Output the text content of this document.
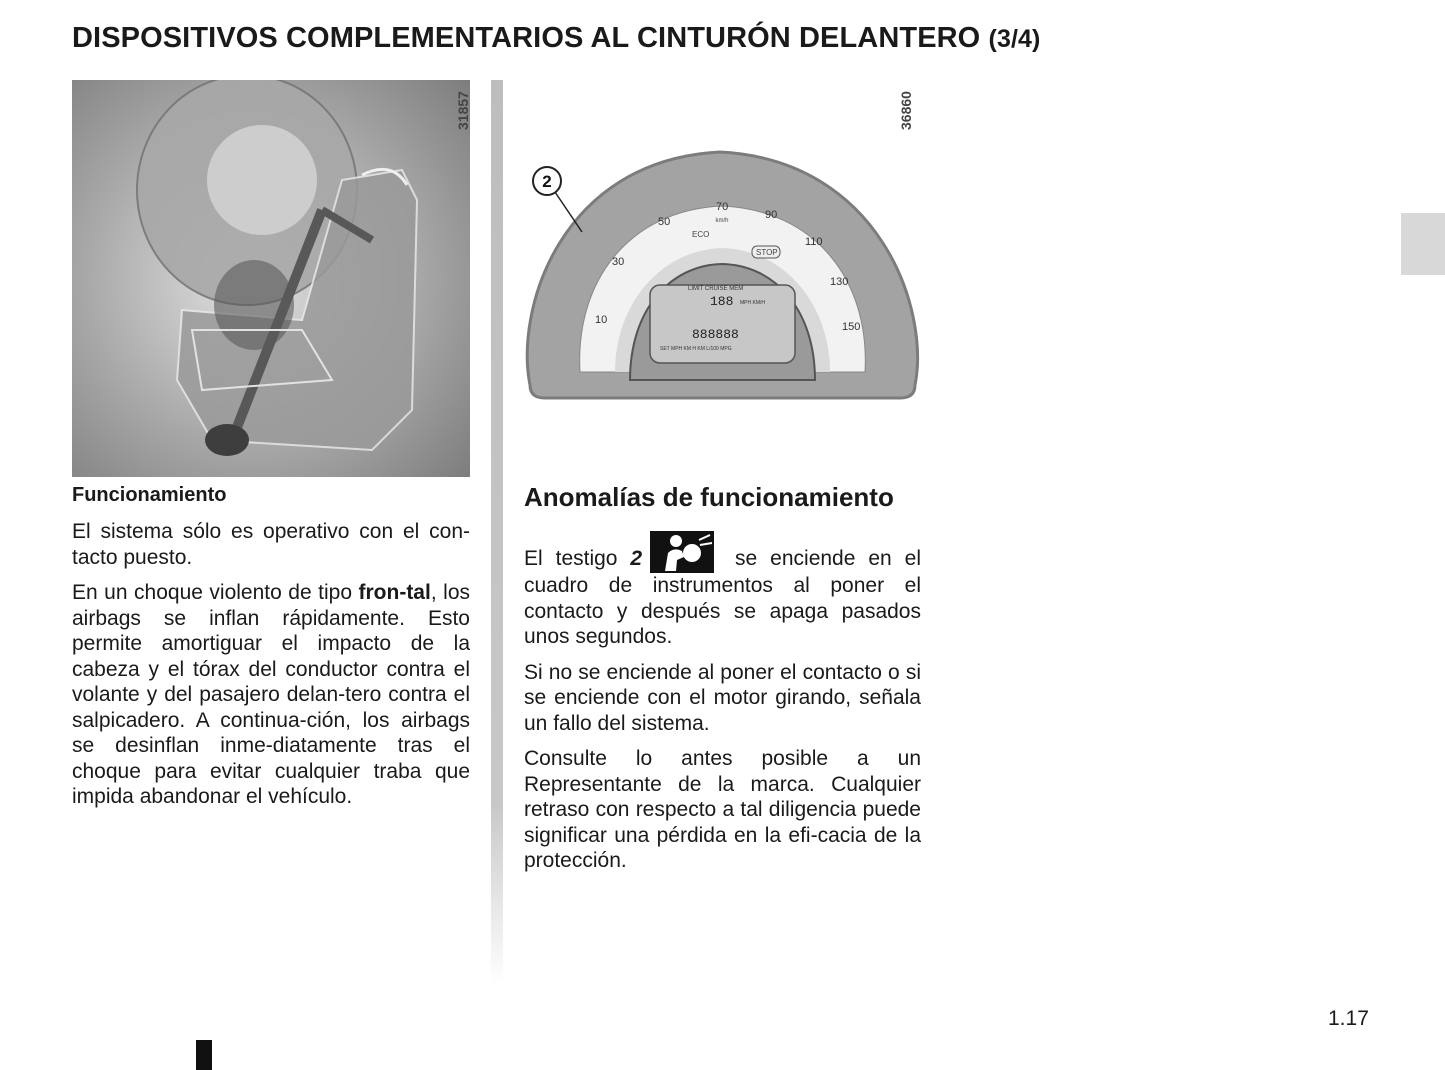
DISPOSITIVOS COMPLEMENTARIOS AL CINTURÓN DELANTERO (3/4)
31857
2
10
30
50
70
90
110
130
150
km/h
ECO
STOP
LIMIT CRUISE MEM
188 MPH KM/H
888888
SET MPH KM H KM L/100 MPG
36860
Funcionamiento

El sistema sólo es operativo con el con-tacto puesto.

En un choque violento de tipo fron-tal, los airbags se inflan rápidamente. Esto permite amortiguar el impacto de la cabeza y el tórax del conductor contra el volante y del pasajero delan-tero contra el salpicadero. A continua-ción, los airbags se desinflan inme-diatamente tras el choque para evitar cualquier traba que impida abandonar el vehículo.

Anomalías de funcionamiento

El testigo 2	se enciende en el cuadro de instrumentos al poner el contacto y después se apaga pasados unos segundos.

Si no se enciende al poner el contacto o si se enciende con el motor girando, señala un fallo del sistema.

Consulte lo antes posible a un Representante de la marca. Cualquier retraso con respecto a tal diligencia puede significar una pérdida en la efi-cacia de la protección.

1.17
